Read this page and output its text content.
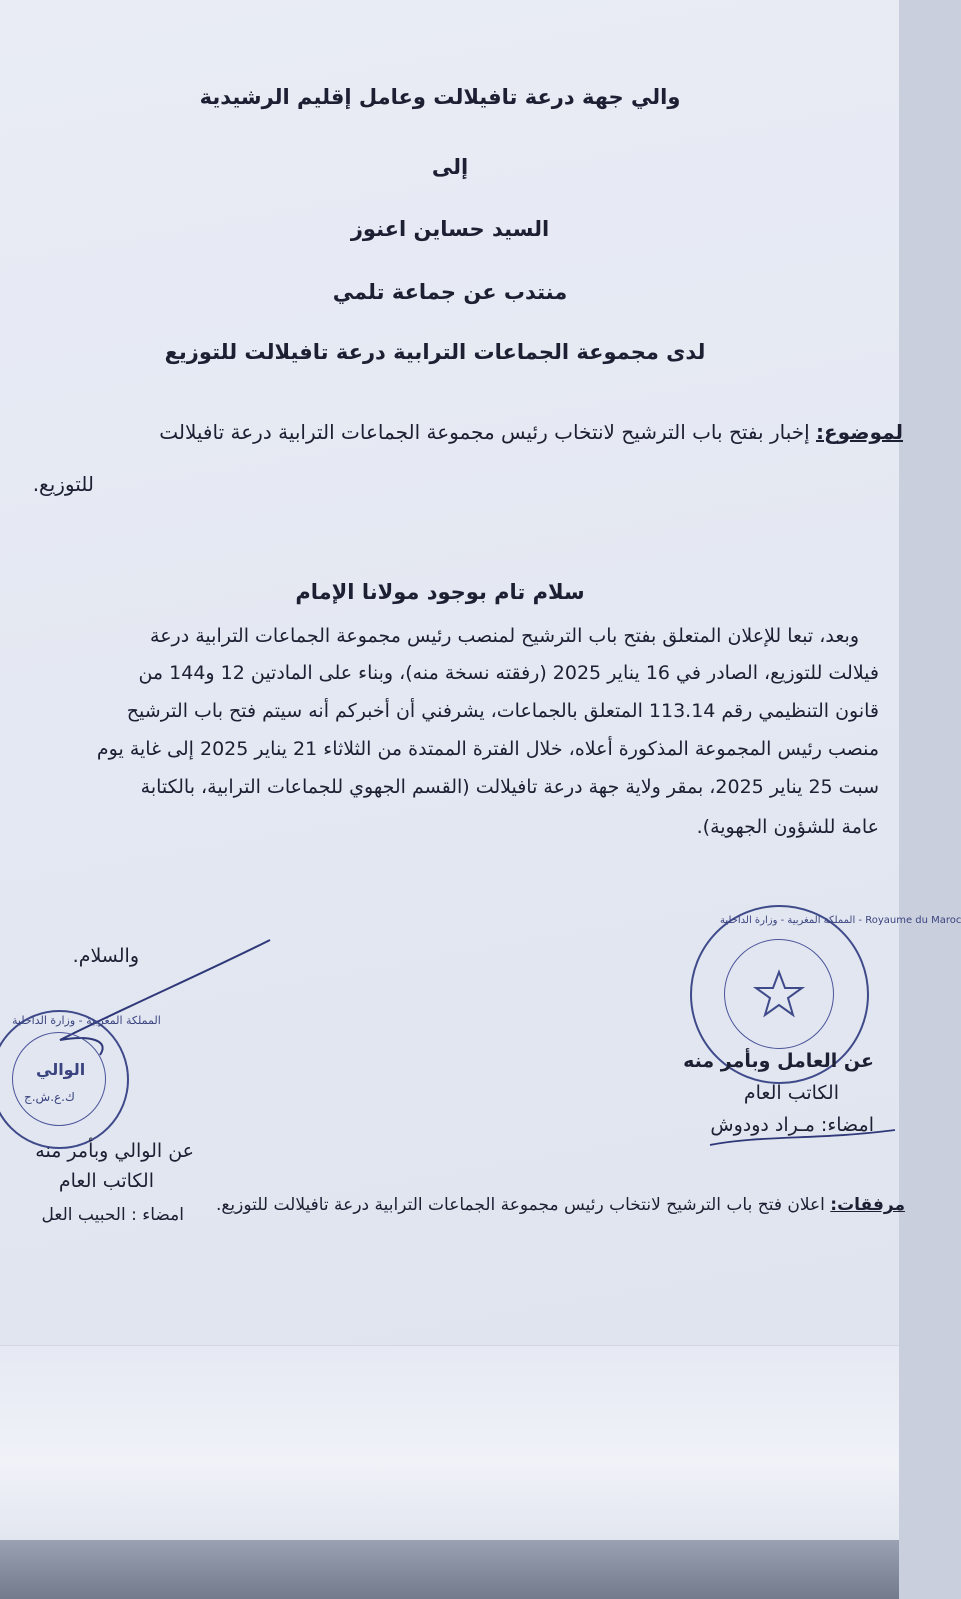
والي جهة درعة تافيلالت وعامل إقليم الرشيدية
إلى
السيد حساين اعنوز
منتدب عن جماعة تلمي
لدى مجموعة الجماعات الترابية درعة تافيلالت للتوزيع
لموضوع: إخبار بفتح باب الترشيح لانتخاب رئيس مجموعة الجماعات الترابية درعة تافيلالت
للتوزيع.
سلام تام بوجود مولانا الإمام
وبعد، تبعا للإعلان المتعلق بفتح باب الترشيح لمنصب رئيس مجموعة الجماعات الترابية درعة
فيلالت للتوزيع، الصادر في 16 يناير 2025 (رفقته نسخة منه)، وبناء على المادتين 12 و144 من
قانون التنظيمي رقم 113.14 المتعلق بالجماعات، يشرفني أن أخبركم أنه سيتم فتح باب الترشيح
منصب رئيس المجموعة المذكورة أعلاه، خلال الفترة الممتدة من الثلاثاء 21 يناير 2025 إلى غاية يوم
سبت 25 يناير 2025، بمقر ولاية جهة درعة تافيلالت (القسم الجهوي للجماعات الترابية، بالكتابة
عامة للشؤون الجهوية).
والسلام.
المملكة المغربية - وزارة الداخلية
الوالي
ك.ع.ش.ج
عن الوالي وبأمر منه
الكاتب العام
المملكة المغربية - وزارة الداخلية - Royaume du Maroc
عن العامل وبأمر منه
الكاتب العام
امضاء: مـراد دودوش
مرفقات: اعلان فتح باب الترشيح لانتخاب رئيس مجموعة الجماعات الترابية درعة تافيلالت للتوزيع.
امضاء : الحبيب العل
